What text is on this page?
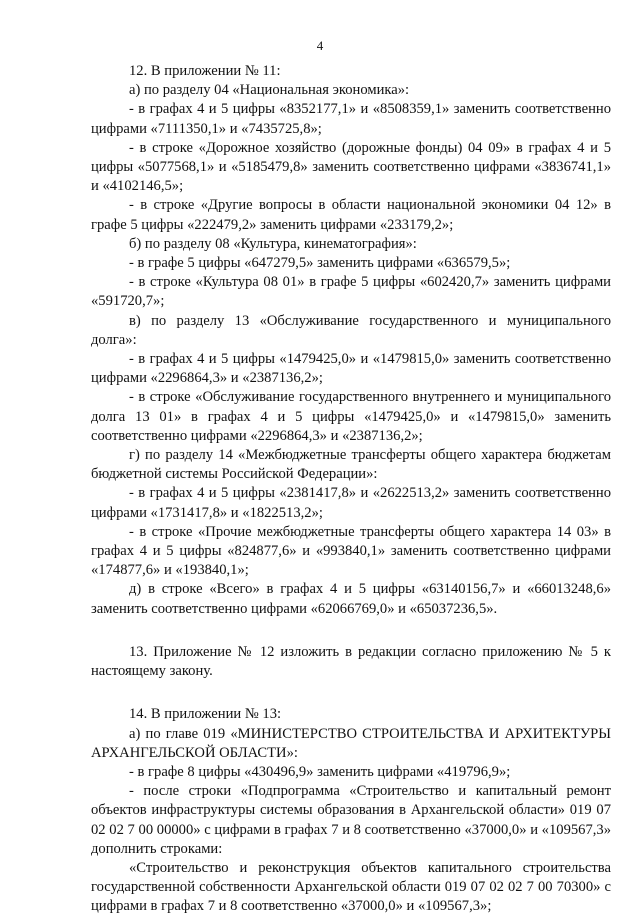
4

12. В приложении № 11:

а) по разделу 04 «Национальная экономика»:

- в графах 4 и 5 цифры «8352177,1» и «8508359,1» заменить соответственно цифрами «7111350,1» и «7435725,8»;

- в строке «Дорожное хозяйство (дорожные фонды) 04 09» в графах 4 и 5 цифры «5077568,1» и «5185479,8» заменить соответственно цифрами «3836741,1» и «4102146,5»;

- в строке «Другие вопросы в области национальной экономики 04 12» в графе 5 цифры «222479,2» заменить цифрами «233179,2»;

б) по разделу 08 «Культура, кинематография»:

- в графе 5 цифры «647279,5» заменить цифрами «636579,5»;

- в строке «Культура 08 01» в графе 5 цифры «602420,7» заменить цифрами «591720,7»;

в) по разделу 13 «Обслуживание государственного и муниципального долга»:

- в графах 4 и 5 цифры «1479425,0» и «1479815,0» заменить соответственно цифрами «2296864,3» и «2387136,2»;

- в строке «Обслуживание государственного внутреннего и муниципального долга 13 01» в графах 4 и 5 цифры «1479425,0» и «1479815,0» заменить соответственно цифрами «2296864,3» и «2387136,2»;

г) по разделу 14 «Межбюджетные трансферты общего характера бюджетам бюджетной системы Российской Федерации»:

- в графах 4 и 5 цифры «2381417,8» и «2622513,2» заменить соответственно цифрами «1731417,8» и «1822513,2»;

- в строке «Прочие межбюджетные трансферты общего характера 14 03» в графах 4 и 5 цифры «824877,6» и «993840,1» заменить соответственно цифрами «174877,6» и «193840,1»;

д) в строке «Всего» в графах 4 и 5 цифры «63140156,7» и «66013248,6» заменить соответственно цифрами «62066769,0» и «65037236,5».

13. Приложение № 12 изложить в редакции согласно приложению № 5 к настоящему закону.

14. В приложении № 13:

а) по главе 019 «МИНИСТЕРСТВО СТРОИТЕЛЬСТВА И АРХИТЕКТУРЫ АРХАНГЕЛЬСКОЙ ОБЛАСТИ»:

- в графе 8 цифры «430496,9» заменить цифрами «419796,9»;

- после строки «Подпрограмма «Строительство и капитальный ремонт объектов инфраструктуры системы образования в Архангельской области» 019 07 02 02 7 00 00000» с цифрами в графах 7 и 8 соответственно «37000,0» и «109567,3» дополнить строками:

«Строительство и реконструкция объектов капитального строительства государственной собственности Архангельской области 019 07 02 02 7 00 70300» с цифрами в графах 7 и 8 соответственно «37000,0» и «109567,3»;
